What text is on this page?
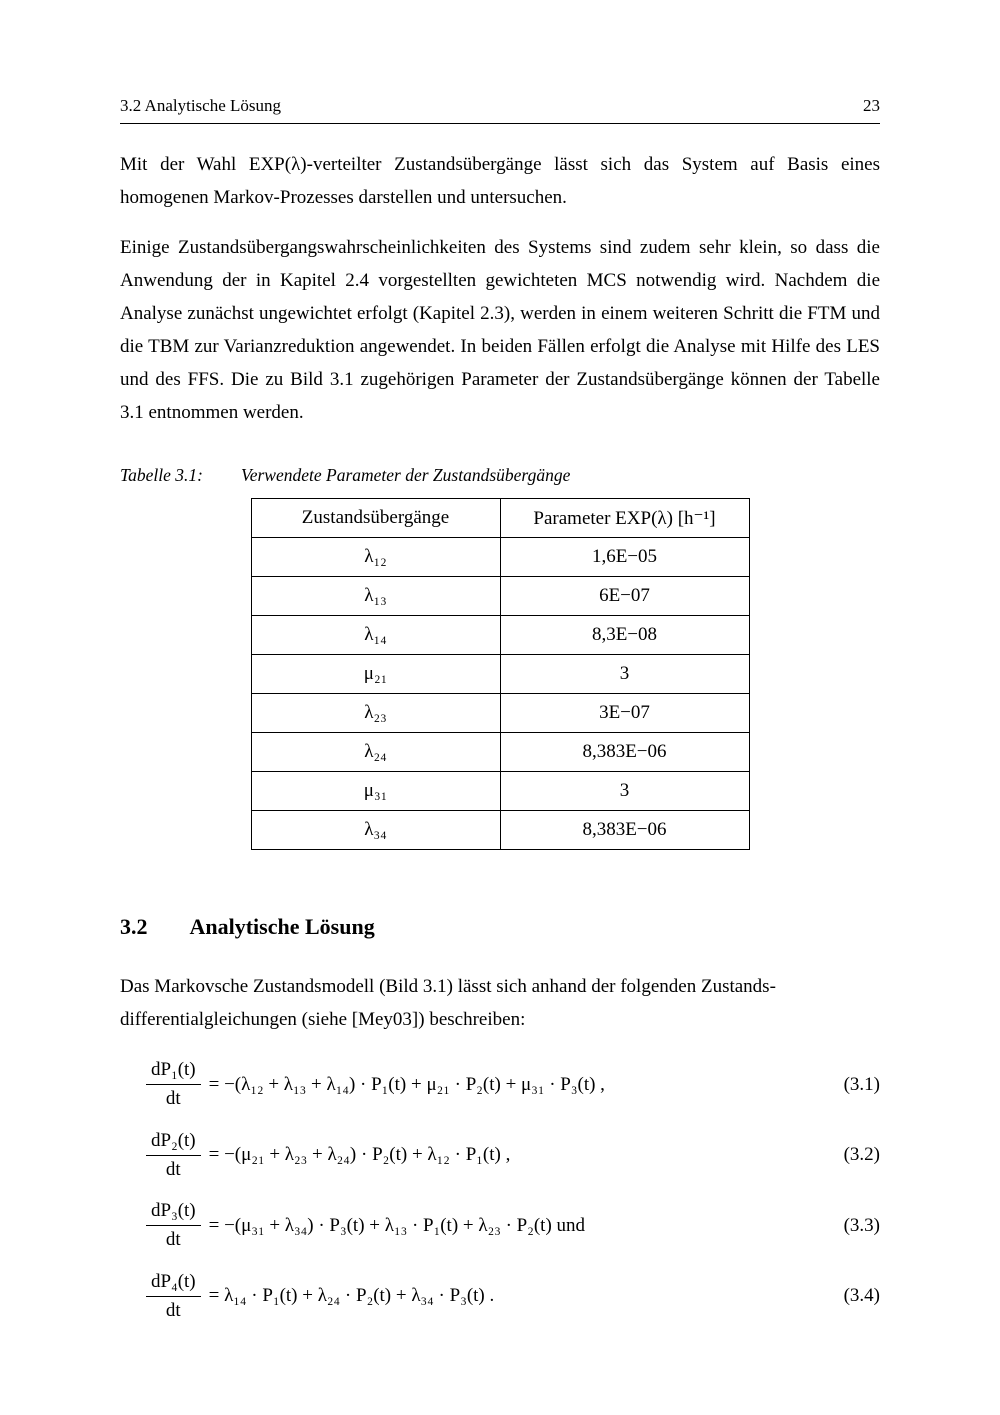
3.2 Analytische Lösung	23

Mit der Wahl EXP(λ)-verteilter Zustandsübergänge lässt sich das System auf Basis eines homogenen Markov-Prozesses darstellen und untersuchen.

Einige Zustandsübergangswahrscheinlichkeiten des Systems sind zudem sehr klein, so dass die Anwendung der in Kapitel 2.4 vorgestellten gewichteten MCS notwendig wird. Nachdem die Analyse zunächst ungewichtet erfolgt (Kapitel 2.3), werden in einem weiteren Schritt die FTM und die TBM zur Varianzreduktion angewendet. In beiden Fällen erfolgt die Analyse mit Hilfe des LES und des FFS. Die zu Bild 3.1 zugehörigen Parameter der Zustandsübergänge können der Tabelle 3.1 entnommen werden.

Tabelle 3.1: Verwendete Parameter der Zustandsübergänge
Zustandsübergänge	Parameter EXP(λ) [h⁻¹]
λ₁₂	1,6E−05
λ₁₃	6E−07
λ₁₄	8,3E−08
μ₂₁	3
λ₂₃	3E−07
λ₂₄	8,383E−06
μ₃₁	3
λ₃₄	8,383E−06
3.2 Analytische Lösung

Das Markovsche Zustandsmodell (Bild 3.1) lässt sich anhand der folgenden Zustands-
differentialgleichungen (siehe [Mey03]) beschreiben:

$\frac{\text{dP₁(t)}}{dt} = -(\lambda_{12} + \lambda_{13} + \lambda_{14}) \cdot P_1(t) + \mu_{21} \cdot P_2(t) + \mu_{31} \cdot P_3(t)$ ,	(3.1)
$\frac{\text{dP₂(t)}}{dt} = -(\mu_{21} + \lambda_{23} + \lambda_{24}) \cdot P_2(t) + \lambda_{12} \cdot P_1(t)$ ,	(3.2)
$\frac{\text{dP₃(t)}}{dt} = -(\mu_{31} + \lambda_{34}) \cdot P_3(t) + \lambda_{13} \cdot P_1(t) + \lambda_{23} \cdot P_2(t)$ und	(3.3)
$\frac{\text{dP₄(t)}}{dt} = \lambda_{14} \cdot P_1(t) + \lambda_{24} \cdot P_2(t) + \lambda_{34} \cdot P_3(t)$ .	(3.4)
